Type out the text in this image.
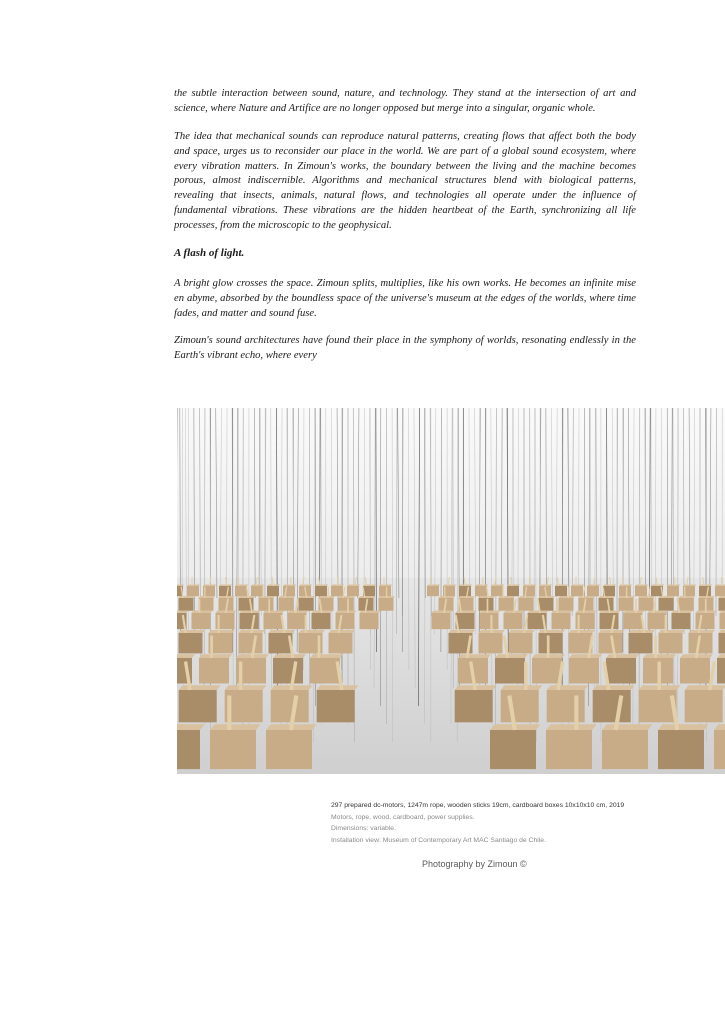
the subtle interaction between sound, nature, and technology. They stand at the intersection of art and science, where Nature and Artifice are no longer opposed but merge into a singular, organic whole.

The idea that mechanical sounds can reproduce natural patterns, creating flows that affect both the body and space, urges us to reconsider our place in the world. We are part of a global sound ecosystem, where every vibration matters. In Zimoun's works, the boundary between the living and the machine becomes porous, almost indiscernible. Algorithms and mechanical structures blend with biological patterns, revealing that insects, animals, natural flows, and technologies all operate under the influence of fundamental vibrations. These vibrations are the hidden heartbeat of the Earth, synchronizing all life processes, from the microscopic to the geophysical.

A flash of light.

A bright glow crosses the space. Zimoun splits, multiplies, like his own works. He becomes an infinite mise en abyme, absorbed by the boundless space of the universe's museum at the edges of the worlds, where time fades, and matter and sound fuse.

Zimoun's sound architectures have found their place in the symphony of worlds, resonating endlessly in the Earth's vibrant echo, where every

297 prepared dc-motors, 1247m rope, wooden sticks 19cm, cardboard boxes 10x10x10 cm, 2019
Motors, rope, wood, cardboard, power supplies.
Dimensions: variable.
Installation view: Museum of Contemporary Art MAC Santiago de Chile.
Photography by Zimoun ©
